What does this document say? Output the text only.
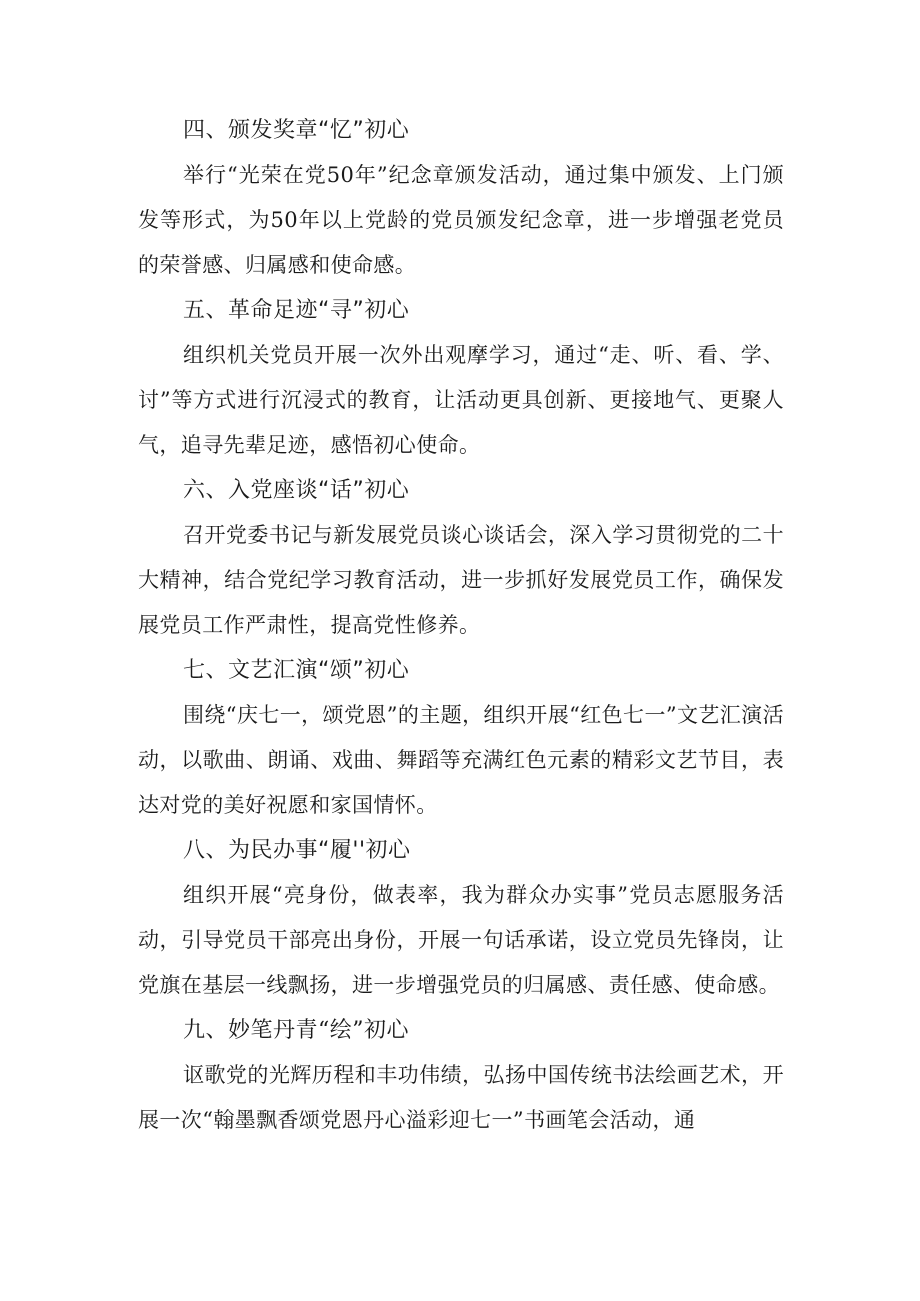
四、颁发奖章“忆”初心

举行“光荣在党50年”纪念章颁发活动，通过集中颁发、上门颁发等形式，为50年以上党龄的党员颁发纪念章，进一步增强老党员的荣誉感、归属感和使命感。

五、革命足迹“寻”初心

组织机关党员开展一次外出观摩学习，通过“走、听、看、学、讨”等方式进行沉浸式的教育，让活动更具创新、更接地气、更聚人气，追寻先辈足迹，感悟初心使命。

六、入党座谈“话”初心

召开党委书记与新发展党员谈心谈话会，深入学习贯彻党的二十大精神，结合党纪学习教育活动，进一步抓好发展党员工作，确保发展党员工作严肃性，提高党性修养。

七、文艺汇演“颂”初心

围绕“庆七一，颂党恩”的主题，组织开展“红色七一”文艺汇演活动，以歌曲、朗诵、戏曲、舞蹈等充满红色元素的精彩文艺节目，表达对党的美好祝愿和家国情怀。

八、为民办事“履''初心

组织开展“亮身份，做表率，我为群众办实事”党员志愿服务活动，引导党员干部亮出身份，开展一句话承诺，设立党员先锋岗，让党旗在基层一线飘扬，进一步增强党员的归属感、责任感、使命感。

九、妙笔丹青“绘”初心

讴歌党的光辉历程和丰功伟绩，弘扬中国传统书法绘画艺术，开展一次“翰墨飘香颂党恩丹心溢彩迎七一”书画笔会活动，通
